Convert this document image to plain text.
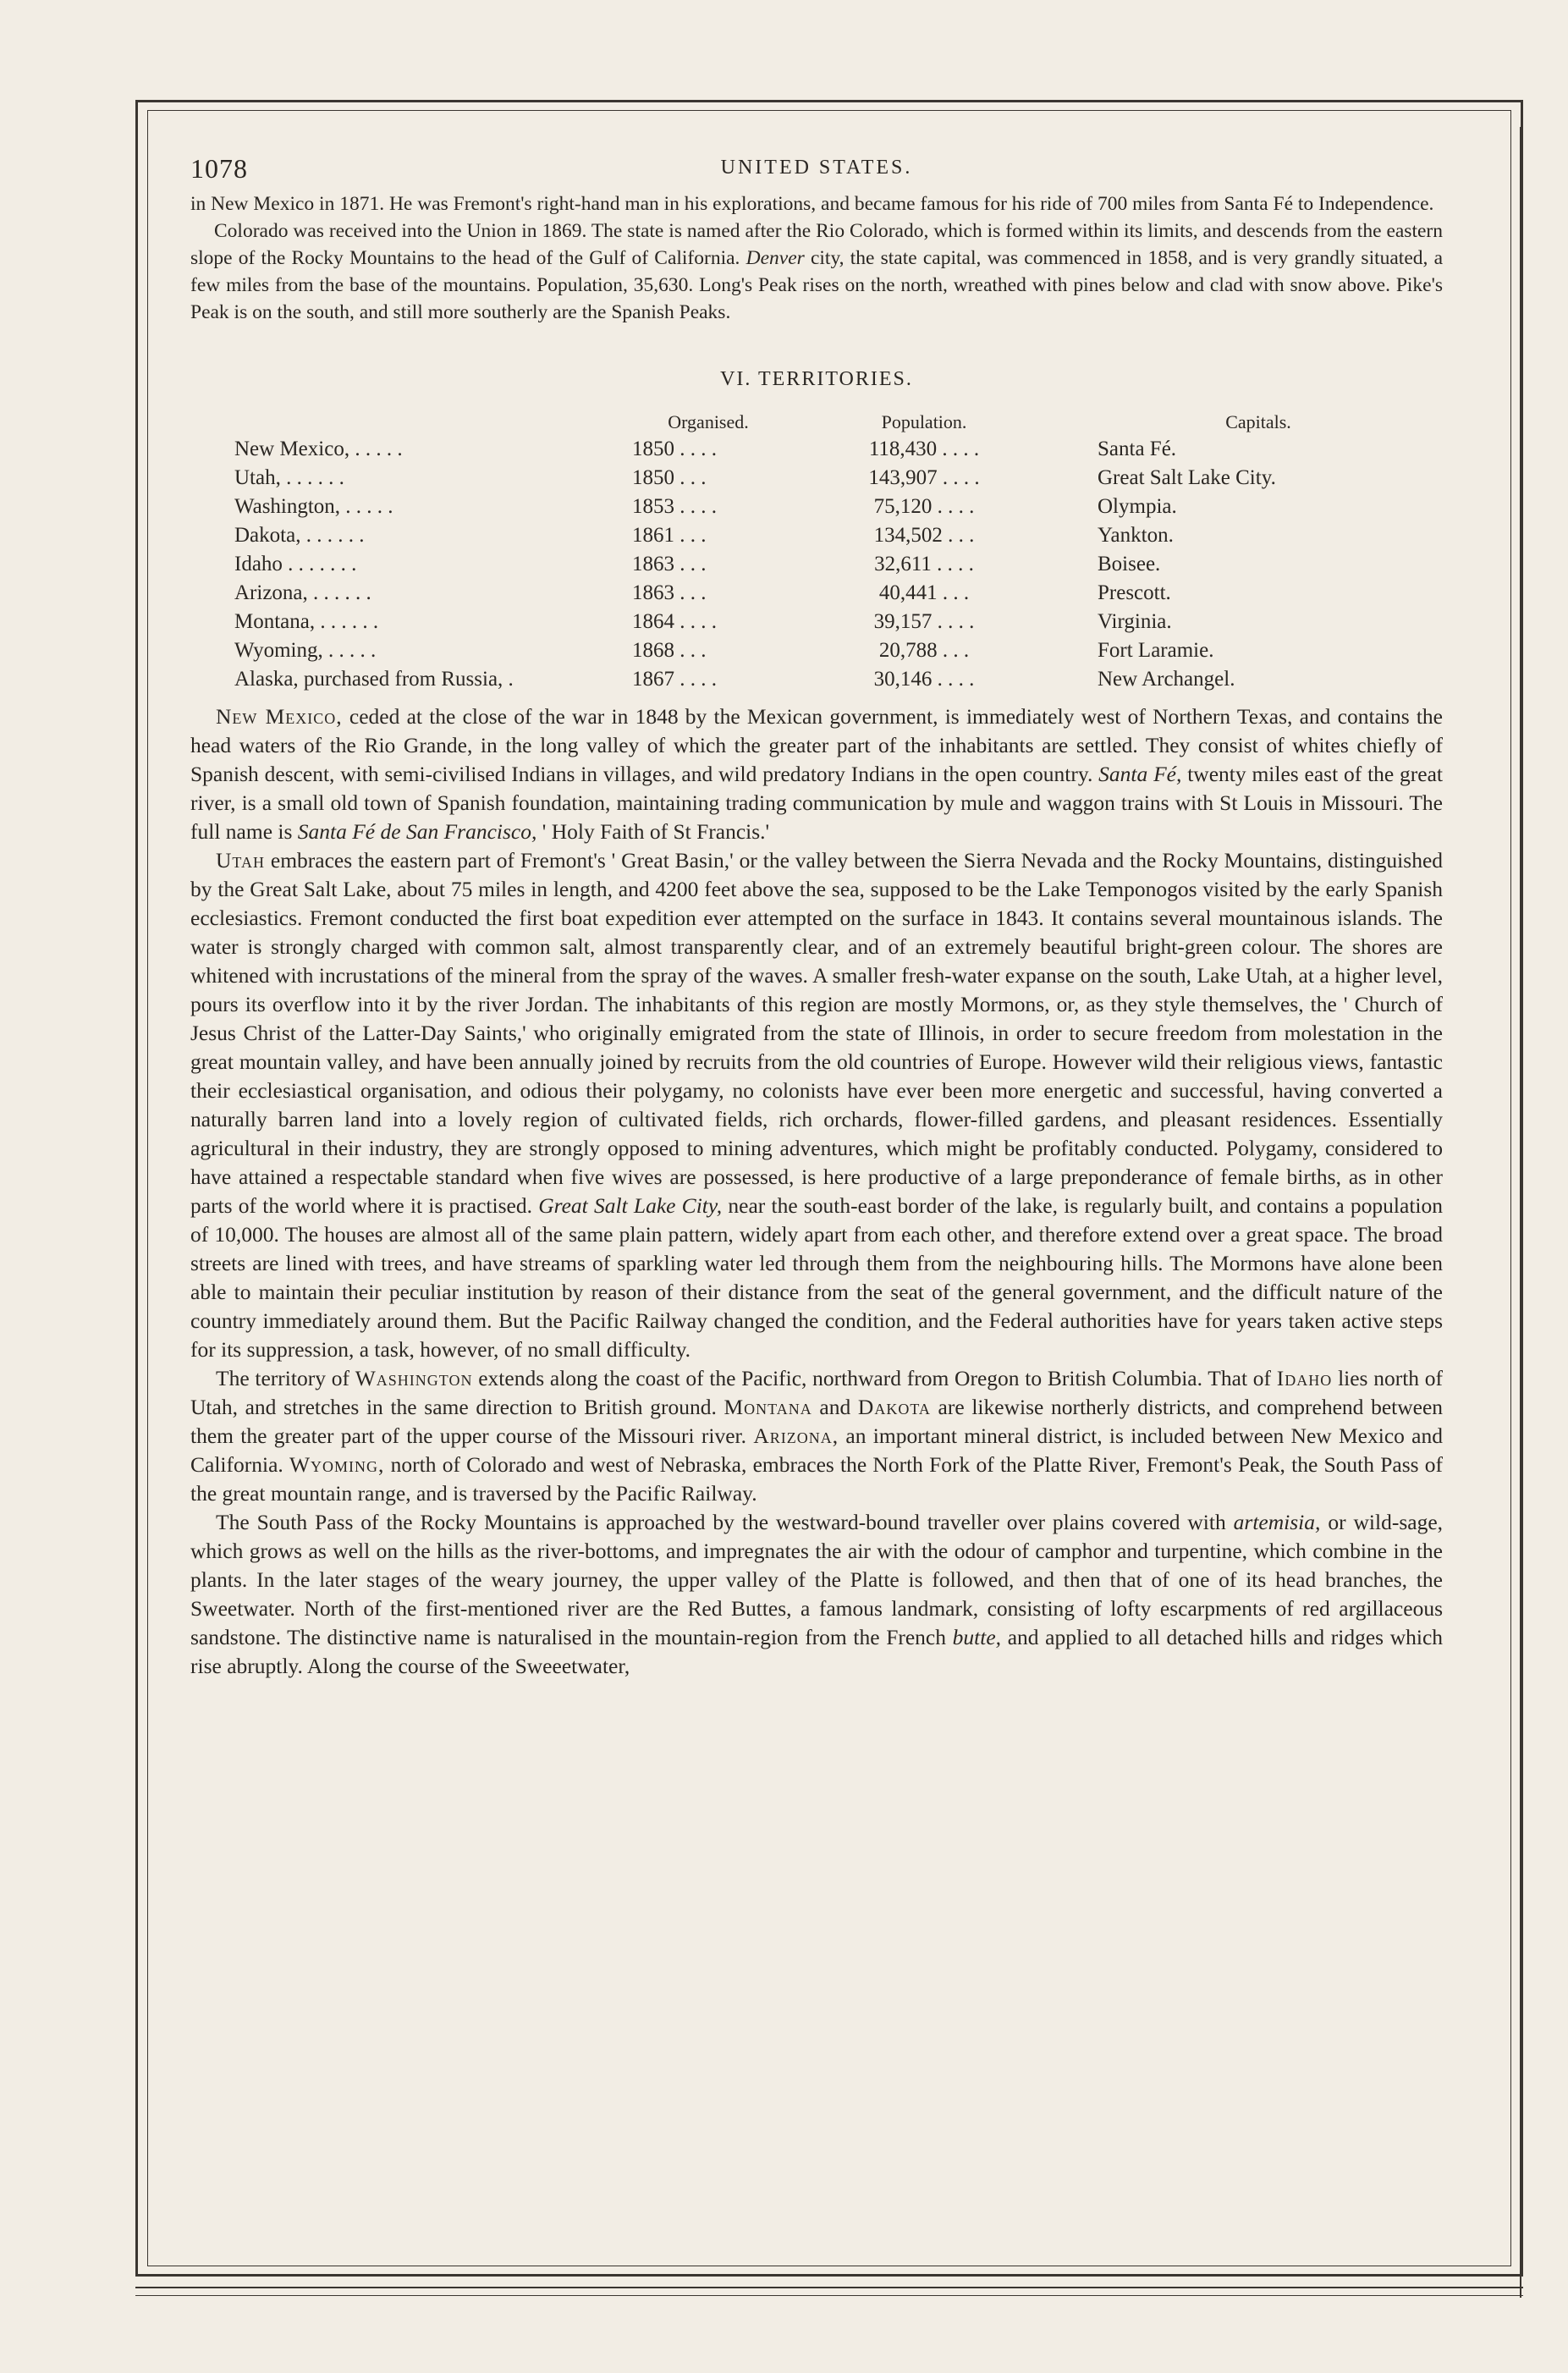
1078	UNITED STATES.

in New Mexico in 1871. He was Fremont's right-hand man in his explorations, and became famous for his ride of 700 miles from Santa Fé to Independence.

Colorado was received into the Union in 1869. The state is named after the Rio Colorado, which is formed within its limits, and descends from the eastern slope of the Rocky Mountains to the head of the Gulf of California. Denver city, the state capital, was commenced in 1858, and is very grandly situated, a few miles from the base of the mountains. Population, 35,630. Long's Peak rises on the north, wreathed with pines below and clad with snow above. Pike's Peak is on the south, and still more southerly are the Spanish Peaks.

VI. TERRITORIES.
	Organised.	Population.	Capitals.
New Mexico, . . . . .	1850 . . . .	118,430 . . . .	Santa Fé.
Utah, . . . . . .	1850 . . .	143,907 . . . .	Great Salt Lake City.
Washington, . . . . .	1853 . . . .	75,120 . . . .	Olympia.
Dakota, . . . . . .	1861 . . .	134,502 . . .	Yankton.
Idaho . . . . . . .	1863 . . .	32,611 . . . .	Boisee.
Arizona, . . . . . .	1863 . . .	40,441 . . .	Prescott.
Montana, . . . . . .	1864 . . . .	39,157 . . . .	Virginia.
Wyoming, . . . . .	1868 . . .	20,788 . . .	Fort Laramie.
Alaska, purchased from Russia, .	1867 . . . .	30,146 . . . .	New Archangel.

New Mexico, ceded at the close of the war in 1848 by the Mexican government, is immediately west of Northern Texas, and contains the head waters of the Rio Grande, in the long valley of which the greater part of the inhabitants are settled. They consist of whites chiefly of Spanish descent, with semi-civilised Indians in villages, and wild predatory Indians in the open country. Santa Fé, twenty miles east of the great river, is a small old town of Spanish foundation, maintaining trading communication by mule and waggon trains with St Louis in Missouri. The full name is Santa Fé de San Francisco, ' Holy Faith of St Francis.'

Utah embraces the eastern part of Fremont's ' Great Basin,' or the valley between the Sierra Nevada and the Rocky Mountains, distinguished by the Great Salt Lake, about 75 miles in length, and 4200 feet above the sea, supposed to be the Lake Temponogos visited by the early Spanish ecclesiastics. Fremont conducted the first boat expedition ever attempted on the surface in 1843. It contains several mountainous islands. The water is strongly charged with common salt, almost transparently clear, and of an extremely beautiful bright-green colour. The shores are whitened with incrustations of the mineral from the spray of the waves. A smaller fresh-water expanse on the south, Lake Utah, at a higher level, pours its overflow into it by the river Jordan. The inhabitants of this region are mostly Mormons, or, as they style themselves, the ' Church of Jesus Christ of the Latter-Day Saints,' who originally emigrated from the state of Illinois, in order to secure freedom from molestation in the great mountain valley, and have been annually joined by recruits from the old countries of Europe. However wild their religious views, fantastic their ecclesiastical organisation, and odious their polygamy, no colonists have ever been more energetic and successful, having converted a naturally barren land into a lovely region of cultivated fields, rich orchards, flower-filled gardens, and pleasant residences. Essentially agricultural in their industry, they are strongly opposed to mining adventures, which might be profitably conducted. Polygamy, considered to have attained a respectable standard when five wives are possessed, is here productive of a large preponderance of female births, as in other parts of the world where it is practised. Great Salt Lake City, near the south-east border of the lake, is regularly built, and contains a population of 10,000. The houses are almost all of the same plain pattern, widely apart from each other, and therefore extend over a great space. The broad streets are lined with trees, and have streams of sparkling water led through them from the neighbouring hills. The Mormons have alone been able to maintain their peculiar institution by reason of their distance from the seat of the general government, and the difficult nature of the country immediately around them. But the Pacific Railway changed the condition, and the Federal authorities have for years taken active steps for its suppression, a task, however, of no small difficulty.

The territory of Washington extends along the coast of the Pacific, northward from Oregon to British Columbia. That of Idaho lies north of Utah, and stretches in the same direction to British ground. Montana and Dakota are likewise northerly districts, and comprehend between them the greater part of the upper course of the Missouri river. Arizona, an important mineral district, is included between New Mexico and California. Wyoming, north of Colorado and west of Nebraska, embraces the North Fork of the Platte River, Fremont's Peak, the South Pass of the great mountain range, and is traversed by the Pacific Railway.

The South Pass of the Rocky Mountains is approached by the westward-bound traveller over plains covered with artemisia, or wild-sage, which grows as well on the hills as the river-bottoms, and impregnates the air with the odour of camphor and turpentine, which combine in the plants. In the later stages of the weary journey, the upper valley of the Platte is followed, and then that of one of its head branches, the Sweetwater. North of the first-mentioned river are the Red Buttes, a famous landmark, consisting of lofty escarpments of red argillaceous sandstone. The distinctive name is naturalised in the mountain-region from the French butte, and applied to all detached hills and ridges which rise abruptly. Along the course of the Sweeetwater,
